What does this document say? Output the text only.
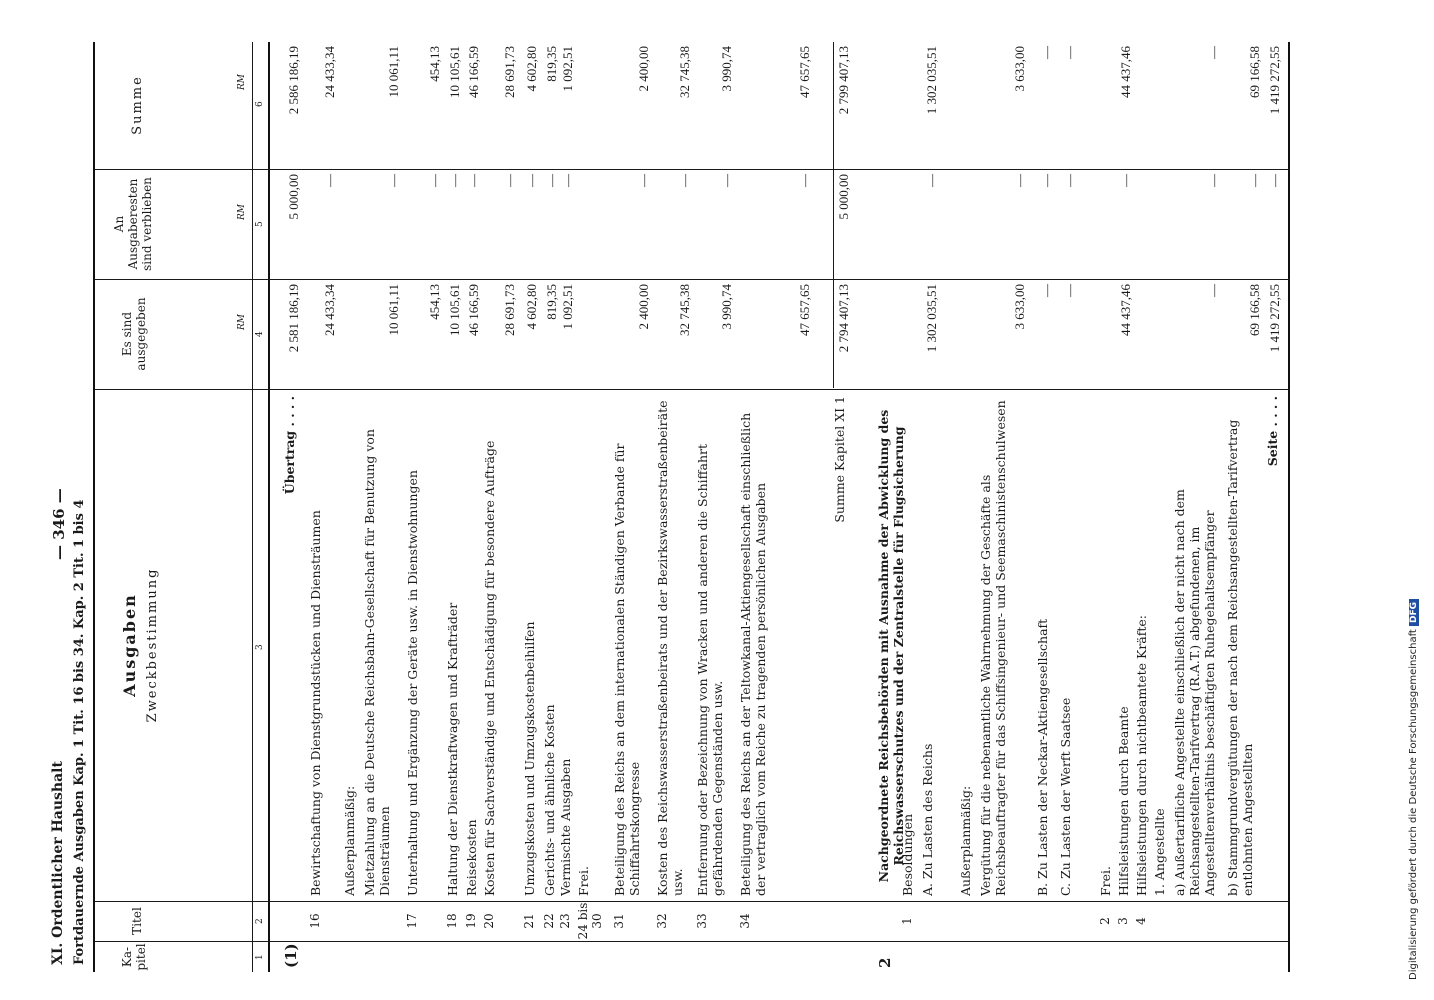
XI. Ordentlicher Haushalt Fortdauernde Ausgaben Kap. 1 Tit. 16 bis 34. Kap. 2 Tit. 1 bis 4
— 346 —
Ka-
pitel
Titel
Ausgaben Zweckbestimmung
Es sind
ausgegeben
An
Ausgaberesten
sind verblieben
Summe
RM
RM
RM
1
2
3
4
5
6
(1)
Übertrag . . . .
2 581 186,19
5 000,00
2 586 186,19
16
Bewirtschaftung von Dienstgrundstücken und Diensträumen
24 433,34
—
24 433,34
Außerplanmäßig: Mietzahlung an die Deutsche Reichsbahn-Gesellschaft für Benutzung von Diensträumen
10 061,11
—
10 061,11
17
Unterhaltung und Ergänzung der Geräte usw. in Dienstwohnungen
454,13
—
454,13
18
Haltung der Dienstkraftwagen und Krafträder
10 105,61
—
10 105,61
19
Reisekosten
46 166,59
—
46 166,59
20
Kosten für Sachverständige und Entschädigung für besondere Aufträge
28 691,73
—
28 691,73
21
Umzugskosten und Umzugskostenbeihilfen
4 602,80
—
4 602,80
22
Gerichts- und ähnliche Kosten
819,35
—
819,35
23
Vermischte Ausgaben
1 092,51
—
1 092,51
24 bis 30
Frei.
31
Beteiligung des Reichs an dem internationalen Ständigen Verbande für Schiffahrtskongresse
2 400,00
—
2 400,00
32
Kosten des Reichswasserstraßenbeirats und der Bezirkswasserstraßenbeiräte usw.
32 745,38
—
32 745,38
33
Entfernung oder Bezeichnung von Wracken und anderen die Schiffahrt gefährdenden Gegenständen usw.
3 990,74
—
3 990,74
34
Beteiligung des Reichs an der Teltowkanal-Aktiengesellschaft einschließlich der vertraglich vom Reiche zu tragenden persönlichen Ausgaben
47 657,65
—
47 657,65
Summe Kapitel XI 1
2 794 407,13
5 000,00
2 799 407,13
2
Nachgeordnete Reichsbehörden mit Ausnahme der Abwicklung des Reichswasserschutzes und der Zentralstelle für Flugsicherung
1
Besoldungen A. Zu Lasten des Reichs
1 302 035,51
—
1 302 035,51
Außerplanmäßig: Vergütung für die nebenamtliche Wahrnehmung der Geschäfte als Reichsbeauftragter für das Schiffsingenieur- und Seemaschinistenschulwesen
3 633,00
—
3 633,00
B. Zu Lasten der Neckar-Aktiengesellschaft
—
—
—
C. Zu Lasten der Werft Saatsee
—
—
—
2
Frei.
3
Hilfsleistungen durch Beamte
44 437,46
—
44 437,46
4
Hilfsleistungen durch nichtbeamtete Kräfte: 1. Angestellte a) Außertarifliche Angestellte einschließlich der nicht nach dem Reichsangestellten-Tarifvertrag (R.A.T.) abgefundenen, im Angestelltenverhältnis beschäftigten Ruhegehaltsempfänger
—
—
—
b) Stammgrundvergütungen der nach dem Reichsangestellten-Tarifvertrag entlohnten Angestellten
69 166,58
—
69 166,58
Seite . . . .
1 419 272,55
—
1 419 272,55
Digitalisierung gefördert durch die Deutsche Forschungsgemeinschaft DFG
